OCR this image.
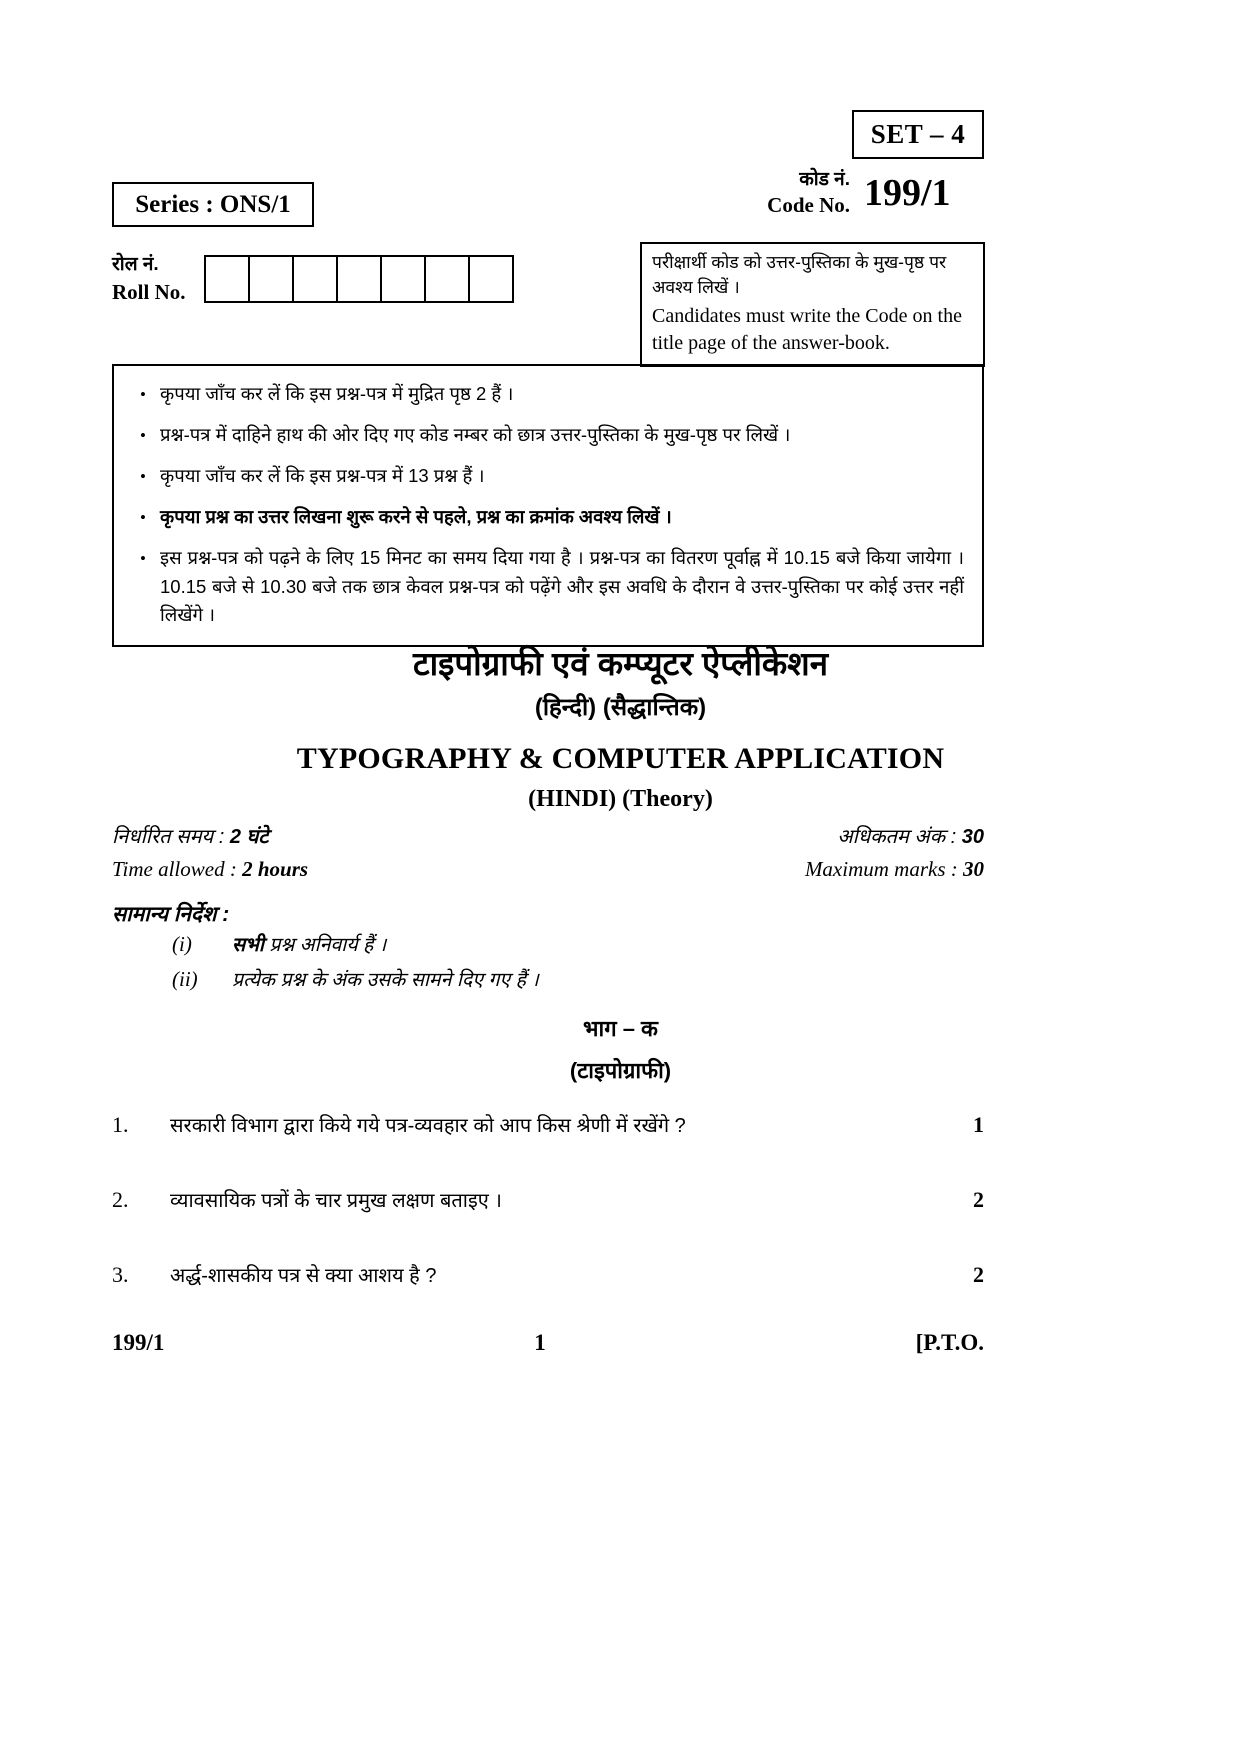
SET – 4
Series : ONS/1
कोड नं.
Code No. 199/1
रोल नं.
Roll No.
परीक्षार्थी कोड को उत्तर-पुस्तिका के मुख-पृष्ठ पर अवश्य लिखें ।
Candidates must write the Code on the title page of the answer-book.
• कृपया जाँच कर लें कि इस प्रश्न-पत्र में मुद्रित पृष्ठ 2 हैं ।
• प्रश्न-पत्र में दाहिने हाथ की ओर दिए गए कोड नम्बर को छात्र उत्तर-पुस्तिका के मुख-पृष्ठ पर लिखें ।
• कृपया जाँच कर लें कि इस प्रश्न-पत्र में 13 प्रश्न हैं ।
• कृपया प्रश्न का उत्तर लिखना शुरू करने से पहले, प्रश्न का क्रमांक अवश्य लिखें ।
• इस प्रश्न-पत्र को पढ़ने के लिए 15 मिनट का समय दिया गया है । प्रश्न-पत्र का वितरण पूर्वाह्न में 10.15 बजे किया जायेगा । 10.15 बजे से 10.30 बजे तक छात्र केवल प्रश्न-पत्र को पढ़ेंगे और इस अवधि के दौरान वे उत्तर-पुस्तिका पर कोई उत्तर नहीं लिखेंगे ।
टाइपोग्राफी एवं कम्प्यूटर ऐप्लीकेशन
(हिन्दी) (सैद्धान्तिक)
TYPOGRAPHY & COMPUTER APPLICATION
(HINDI) (Theory)
निर्धारित समय : 2 घंटे
Time allowed : 2 hours
अधिकतम अंक : 30
Maximum marks : 30
सामान्य निर्देश :
(i)	सभी प्रश्न अनिवार्य हैं ।
(ii)	प्रत्येक प्रश्न के अंक उसके सामने दिए गए हैं ।
भाग – क
(टाइपोग्राफी)
1.	सरकारी विभाग द्वारा किये गये पत्र-व्यवहार को आप किस श्रेणी में रखेंगे ?	1
2.	व्यावसायिक पत्रों के चार प्रमुख लक्षण बताइए ।	2
3.	अर्द्ध-शासकीय पत्र से क्या आशय है ?	2
199/1	1	[P.T.O.
